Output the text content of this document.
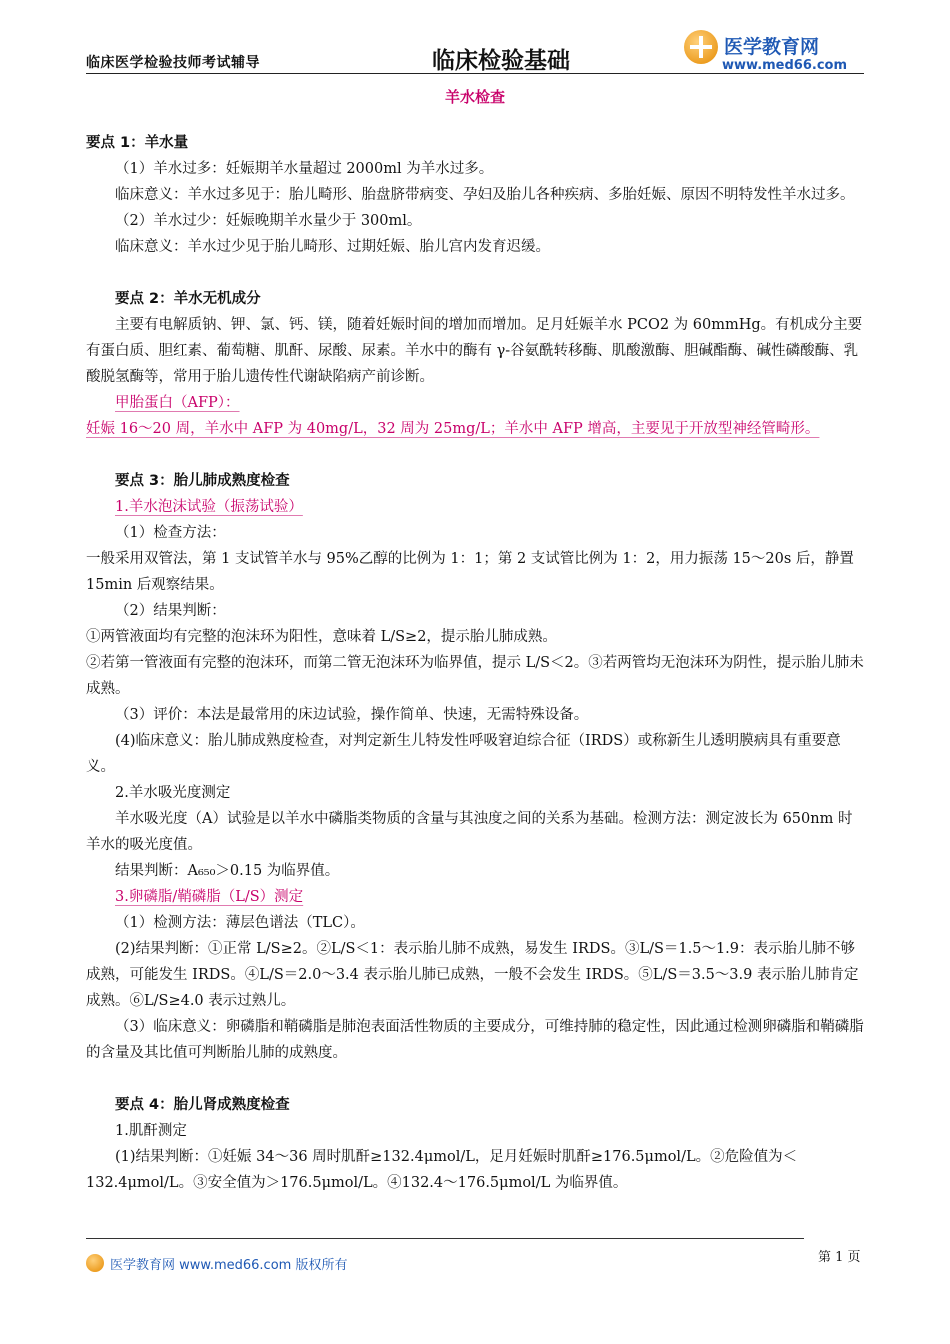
临床医学检验技师考试辅导	临床检验基础
医学教育网
www.med66.com
羊水检查

要点 1：羊水量

（1）羊水过多：妊娠期羊水量超过 2000ml 为羊水过多。

临床意义：羊水过多见于：胎儿畸形、胎盘脐带病变、孕妇及胎儿各种疾病、多胎妊娠、原因不明特发性羊水过多。

（2）羊水过少：妊娠晚期羊水量少于 300ml。

临床意义：羊水过少见于胎儿畸形、过期妊娠、胎儿宫内发育迟缓。

要点 2：羊水无机成分

主要有电解质钠、钾、氯、钙、镁，随着妊娠时间的增加而增加。足月妊娠羊水 PCO2 为 60mmHg。有机成分主要有蛋白质、胆红素、葡萄糖、肌酐、尿酸、尿素。羊水中的酶有 γ-谷氨酰转移酶、肌酸激酶、胆碱酯酶、碱性磷酸酶、乳酸脱氢酶等，常用于胎儿遗传性代谢缺陷病产前诊断。

甲胎蛋白（AFP）：

妊娠 16～20 周，羊水中 AFP 为 40mg/L，32 周为 25mg/L；羊水中 AFP 增高，主要见于开放型神经管畸形。

要点 3：胎儿肺成熟度检查

1.羊水泡沫试验（振荡试验）

（1）检查方法：

一般采用双管法，第 1 支试管羊水与 95%乙醇的比例为 1：1；第 2 支试管比例为 1：2，用力振荡 15～20s 后，静置 15min 后观察结果。

（2）结果判断：

①两管液面均有完整的泡沫环为阳性，意味着 L/S≥2，提示胎儿肺成熟。

②若第一管液面有完整的泡沫环，而第二管无泡沫环为临界值，提示 L/S＜2。③若两管均无泡沫环为阴性，提示胎儿肺未成熟。

（3）评价：本法是最常用的床边试验，操作简单、快速，无需特殊设备。

(4)临床意义：胎儿肺成熟度检查，对判定新生儿特发性呼吸窘迫综合征（IRDS）或称新生儿透明膜病具有重要意义。

2.羊水吸光度测定

羊水吸光度（A）试验是以羊水中磷脂类物质的含量与其浊度之间的关系为基础。检测方法：测定波长为 650nm 时羊水的吸光度值。

结果判断：A₆₅₀＞0.15 为临界值。

3.卵磷脂/鞘磷脂（L/S）测定

（1）检测方法：薄层色谱法（TLC）。

(2)结果判断：①正常 L/S≥2。②L/S＜1：表示胎儿肺不成熟，易发生 IRDS。③L/S＝1.5～1.9：表示胎儿肺不够成熟，可能发生 IRDS。④L/S＝2.0～3.4 表示胎儿肺已成熟，一般不会发生 IRDS。⑤L/S＝3.5～3.9 表示胎儿肺肯定成熟。⑥L/S≥4.0 表示过熟儿。

（3）临床意义：卵磷脂和鞘磷脂是肺泡表面活性物质的主要成分，可维持肺的稳定性，因此通过检测卵磷脂和鞘磷脂的含量及其比值可判断胎儿肺的成熟度。

要点 4：胎儿肾成熟度检查

1.肌酐测定

(1)结果判断：①妊娠 34～36 周时肌酐≥132.4μmol/L，足月妊娠时肌酐≥176.5μmol/L。②危险值为＜132.4μmol/L。③安全值为＞176.5μmol/L。④132.4～176.5μmol/L 为临界值。

第 1 页
医学教育网 www.med66.com 版权所有
